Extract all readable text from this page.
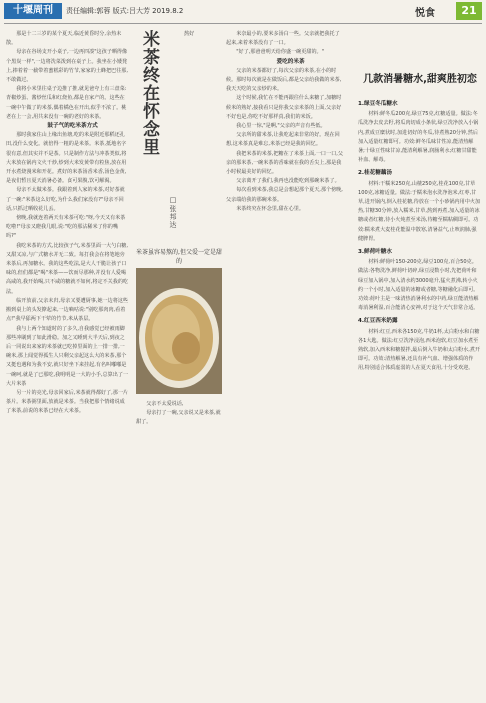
十堰周刊	责任编辑:郭蓉 版式:吕大芳 2019.8.2	悦食	21

那是十二三岁的某个夏天,临近黄昏时分,余热未散。

母亲在谷场支开小桌子,一边再四凑"这孩子晒得像个黑炭一样",一边将洗菜泼到在桌子上。我坐在小矮凳上,捧着着一截带着蜜糕彩的竹节,家家的土蜂把巴往那,不敢做过。

我将小米里往桌子边推了推,就见爸夸上有三盘菜:青椒炒蛋、酱炒丝瓜和红烧鱼,都是自家产的。这些在一碗中午做了的米茶,偶着橘色在开出,似乎不浓了。桃老在上一会,用共来没有一碗的老好的米茶。

鼓子气的吃米茶方式

那时我家住山上缘出鱼塘,吃的米是附近那稻还孔田,没什么变化。就倍得一粗的是米茶。米茶,抵地名字很有意,但其实并不是茶。只是制作方法与冲茶类似,将大米放在锅内文火干炒,炒到大米发黄带有粒焦,放在用开水煮烧漫米和开花。煮好的米茶汤香米香,汤色金黄,是夜们暂且夏天消暑必备。食可果腹,饮可解渴。

母亲不太做米茶。我跟着到人家的米茶,对好茶就了一碗:"米茶这么好吃,为什么我们家没有?"母亲不回话,只抓过晒收花儿丢。

傍晚,我就连着两天有米茶可吃:"呀,今天又有米茶吃啦!"母亲又瞪我几眼,说:"吃的那沾稀米了你的嘴吗?"

我吃米茶的方式,比较孩子气,米茶里面一大勺白糖,又甜又凉,与广式糖水并无二致。每打我会在将笔地旁米茶后,再加糖水。我的这些吃法,是大人干脆让孩子口味的,但们都是"喝"米茶——饮而尽那种,并没有人爱喝高咸的,我开始喝,只不咸的糖就不如何,将定不关我的吃法。

临开放前,父亲未归,母亲又要遭厨事,她一边将这些搬到桌上的头发撩起来,一边嘀咕说:"别吃那肉肉,看着点!"我早舔两下干荤的竹节,米从茶层。

我与上两个知道时的了多久,自我感觉已经被雨脚那些冲刷到了如此滑稳。加之又睡到大半天后,到夜之后一同说出来家的米茶就已吃掉里面的上一排一排,一碗米,那上闻觉得孤生人只剩父亲起这么大的米茶,那个又挺也遇和为我不安,就只好坐下来挂起,有名叫嘟嘟是一碗呵,就是了已那吃,我明明是一大的小手,总算出了一大片米茶

另一片的亮光,母亲回家后,米茶就得都好了,那一片茶片。米茶粥里面,放就是米茶。当我把那个情绪说成了米茶,前说的米茶已经在大米茶。

米茶终在怀念里
□张邦达
熬好
米茶虽容易熬的,但父爱一定是甜的

父亲不太爱说话,

母亲打了一碗,父亲说又是米茶,就甜了。

米奈最小的,要米多汤白一些。父亲就把我托了起来,来着米茶没有了一口。

"好了,那爸爸明天给你盛一碗更甜的。"

爱吃的米茶

父亲的米茶都好了,每次父亲的米茶,在小的时候。那时每次就是在做饭后,都是父亲给我做的米茶,我天天吃的父亲炒的米。

这个时候,我忙在不能再跟往什么来糖了,加糖时候米的熟好,接我看只是你我父亲米茶的上面,父亲好不好也是,你吃不好那样真,我们的米饭。

我心里一惊,"是啊,"父亲的声音有些低。

父亲所的甜米茶,让我吃起来非常的好。现在回想,这米茶真是难忘,米茶已经是我的回忆。

我把米茶的米茶,把糖在了米茶上面,一口一口,父亲的那米茶,一碗米茶的香味就在我的舌尖上,那是我小时候最美好的回忆。

父亲离开了我们,我再也没能吃到那碗米茶了。

每次看到米茶,我总是会想起那个夏天,那个傍晚,父亲端给我的那碗米茶。

米茶终究在怀念里,甜在心里。

几款消暑糖水,甜爽胜初恋

1.绿豆冬瓜糖水

材料:鲜冬瓜200克,绿豆75克,红糖适量。做法:冬瓜洗净去皮去籽,将瓜肉切成小条状,绿豆洗净放入小锅内,煮成豆糜状时,加进切好的冬瓜,待煮熟20分钟,然后加入适量红糖即可。功效:鲜冬瓜味甘性凉,能清热解暑;十绿豆性味甘凉,能清利解暑,润肠利水;红糖甘甜能补血、解毒。

2.桂花糖藕汤

材料:干糯米250克,山楂250克,桂花100克,甘草100克,冰糖适量。做法:于糯米泡水洗净泡米,红枣,甘草,进开锅内,倒入桂花糖,待放在一个小砂锅内用中火加热,甘糖30分钟,放入糯米,甘草,熬到再煮,加入适量的冰糖或者红糖,待小火炖煮至米汤,待糖至糯粘稠即可。功效:糯米煮大麦桂花能温中散寒,清暑益气,止咳润肺,强健脾胃。

3.鲜荷叶糖水

材料:鲜荷叶150-200克,绿豆100克,百合50克。做法:各物洗净,鲜荷叶切碎,绿豆浸数小时,先把荷叶和绿豆加入锅中,加入清水约3000毫升,猛火煮沸,转小火约一个小时,加入适量的冰糖或者糖,等糖融化后即可。功效:荷叶主是一味清热消暑利水的中药,绿豆能清热解毒消暑利湿,百合能清心安神,对于这个天气非常合适。

4.红豆西米奶露

材料:红豆,西米各150克,牛奶1杯,太白粉水和白糖各1大匙。做法:红豆洗净浸泡,西米泡软,红豆加水煮至熟软,加入西米和糖搅拌,最后倒入牛奶和太白粉水,煮开即可。功效:清热解暑,还具有补气血、增强体质的作用,特别适合体质虚弱的人在夏天食用,十分受欢迎。
